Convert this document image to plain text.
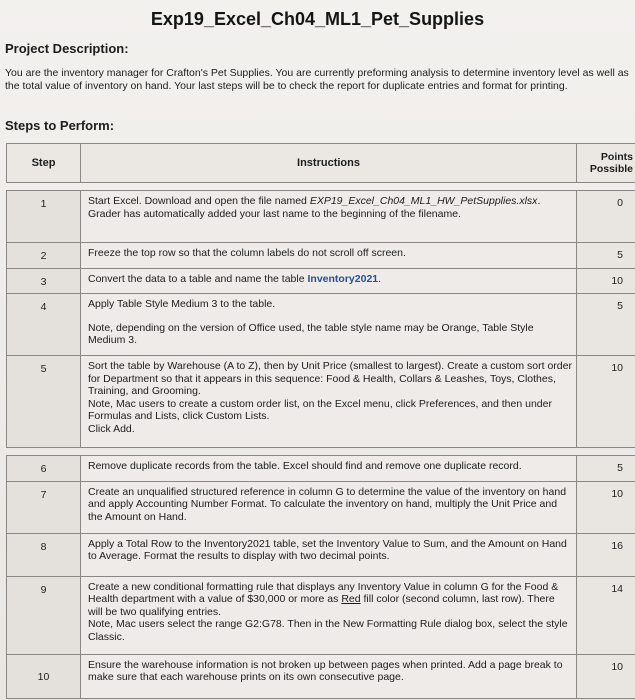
Exp19_Excel_Ch04_ML1_Pet_Supplies
Project Description:
You are the inventory manager for Crafton's Pet Supplies. You are currently preforming analysis to determine inventory level as well as the total value of inventory on hand. Your last steps will be to check the report for duplicate entries and format for printing.
Steps to Perform:
Step	Instructions	Points Possible

1	Start Excel. Download and open the file named EXP19_Excel_Ch04_ML1_HW_PetSupplies.xlsx. Grader has automatically added your last name to the beginning of the filename.	0
2	Freeze the top row so that the column labels do not scroll off screen.	5
3	Convert the data to a table and name the table Inventory2021.	10
4	Apply Table Style Medium 3 to the table.

Note, depending on the version of Office used, the table style name may be Orange, Table Style Medium 3.	5
5	Sort the table by Warehouse (A to Z), then by Unit Price (smallest to largest). Create a custom sort order for Department so that it appears in this sequence: Food & Health, Collars & Leashes, Toys, Clothes, Training, and Grooming.

Note, Mac users to create a custom order list, on the Excel menu, click Preferences, and then under Formulas and Lists, click Custom Lists.

Click Add.	10

6	Remove duplicate records from the table. Excel should find and remove one duplicate record.	5
7	Create an unqualified structured reference in column G to determine the value of the inventory on hand and apply Accounting Number Format. To calculate the inventory on hand, multiply the Unit Price and the Amount on Hand.	10
8	Apply a Total Row to the Inventory2021 table, set the Inventory Value to Sum, and the Amount on Hand to Average. Format the results to display with two decimal points.	16
9	Create a new conditional formatting rule that displays any Inventory Value in column G for the Food & Health department with a value of $30,000 or more as Red fill color (second column, last row). There will be two qualifying entries.

Note, Mac users select the range G2:G78. Then in the New Formatting Rule dialog box, select the style Classic.	14
10	Ensure the warehouse information is not broken up between pages when printed. Add a page break to make sure that each warehouse prints on its own consecutive page.	10
